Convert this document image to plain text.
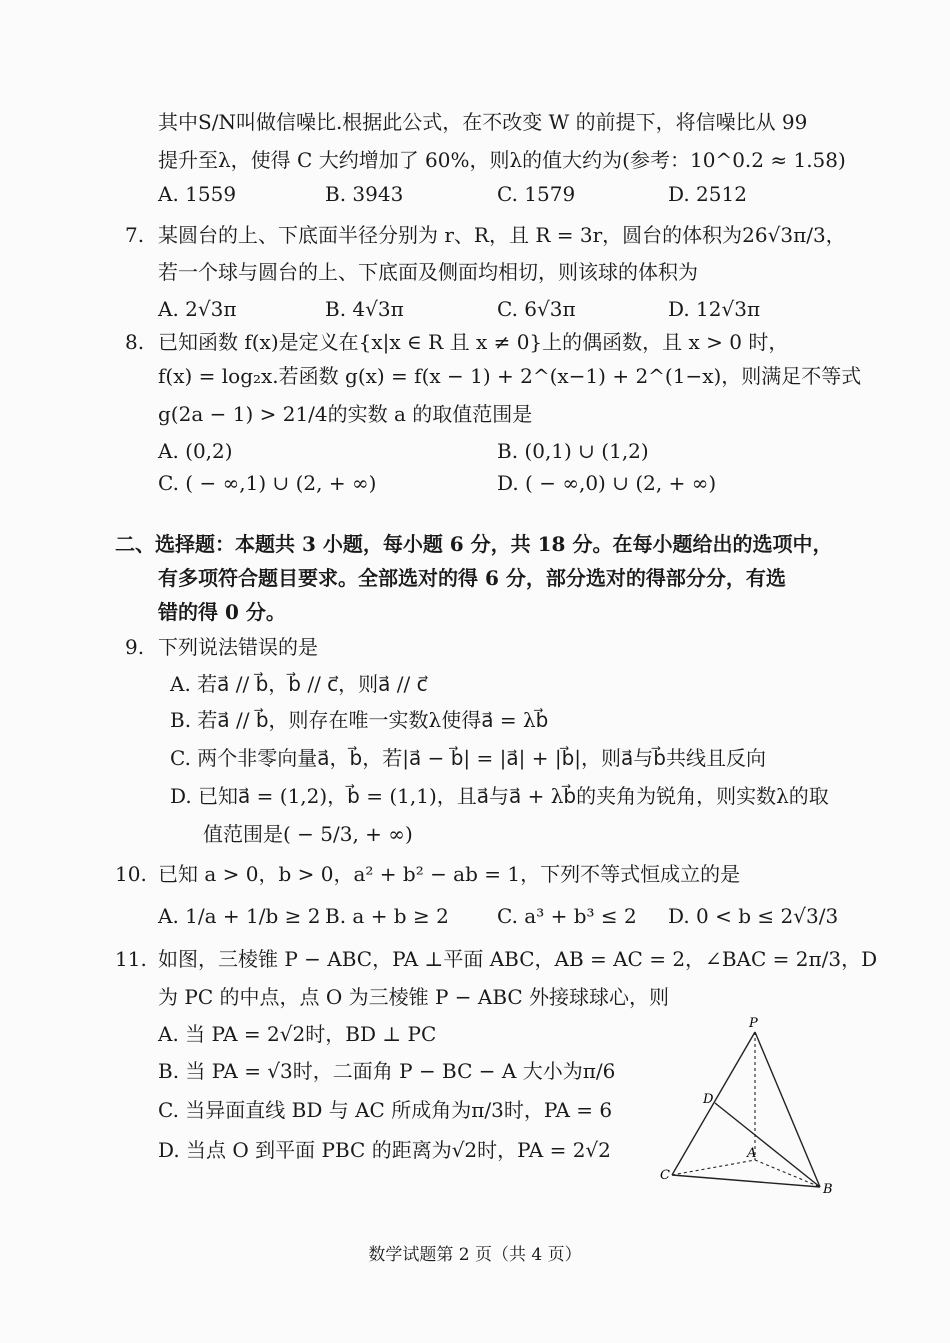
其中S/N叫做信噪比.根据此公式，在不改变 W 的前提下，将信噪比从 99
提升至λ，使得 C 大约增加了 60%，则λ的值大约为(参考：10^0.2 ≈ 1.58)
A. 1559	B. 3943	C. 1579	D. 2512
7. 某圆台的上、下底面半径分别为 r、R，且 R = 3r，圆台的体积为26√3π/3，
若一个球与圆台的上、下底面及侧面均相切，则该球的体积为
A. 2√3π	B. 4√3π	C. 6√3π	D. 12√3π
8. 已知函数 f(x)是定义在{x|x ∈ R 且 x ≠ 0}上的偶函数，且 x > 0 时，
f(x) = log₂x.若函数 g(x) = f(x − 1) + 2^(x−1) + 2^(1−x)，则满足不等式
g(2a − 1) > 21/4的实数 a 的取值范围是
A. (0,2)	B. (0,1) ∪ (1,2)
C. ( − ∞,1) ∪ (2, + ∞)	D. ( − ∞,0) ∪ (2, + ∞)
二、选择题：本题共 3 小题，每小题 6 分，共 18 分。在每小题给出的选项中，
有多项符合题目要求。全部选对的得 6 分，部分选对的得部分分，有选
错的得 0 分。
9. 下列说法错误的是
A. 若a⃗ // b⃗，b⃗ // c⃗，则a⃗ // c⃗
B. 若a⃗ // b⃗，则存在唯一实数λ使得a⃗ = λb⃗
C. 两个非零向量a⃗，b⃗，若|a⃗ − b⃗| = |a⃗| + |b⃗|，则a⃗与b⃗共线且反向
D. 已知a⃗ = (1,2)，b⃗ = (1,1)，且a⃗与a⃗ + λb⃗的夹角为锐角，则实数λ的取
值范围是( − 5/3, + ∞)
10. 已知 a > 0，b > 0，a² + b² − ab = 1，下列不等式恒成立的是
A. 1/a + 1/b ≥ 2 B. a + b ≥ 2 C. a³ + b³ ≤ 2 D. 0 < b ≤ 2√3/3
11. 如图，三棱锥 P − ABC，PA ⊥平面 ABC，AB = AC = 2，∠BAC = 2π/3，D
为 PC 的中点，点 O 为三棱锥 P − ABC 外接球球心，则
A. 当 PA = 2√2时，BD ⊥ PC
B. 当 PA = √3时，二面角 P − BC − A 大小为π/6
C. 当异面直线 BD 与 AC 所成角为π/3时，PA = 6
D. 当点 O 到平面 PBC 的距离为√2时，PA = 2√2
P
D
A
B
C
数学试题第 2 页（共 4 页）
